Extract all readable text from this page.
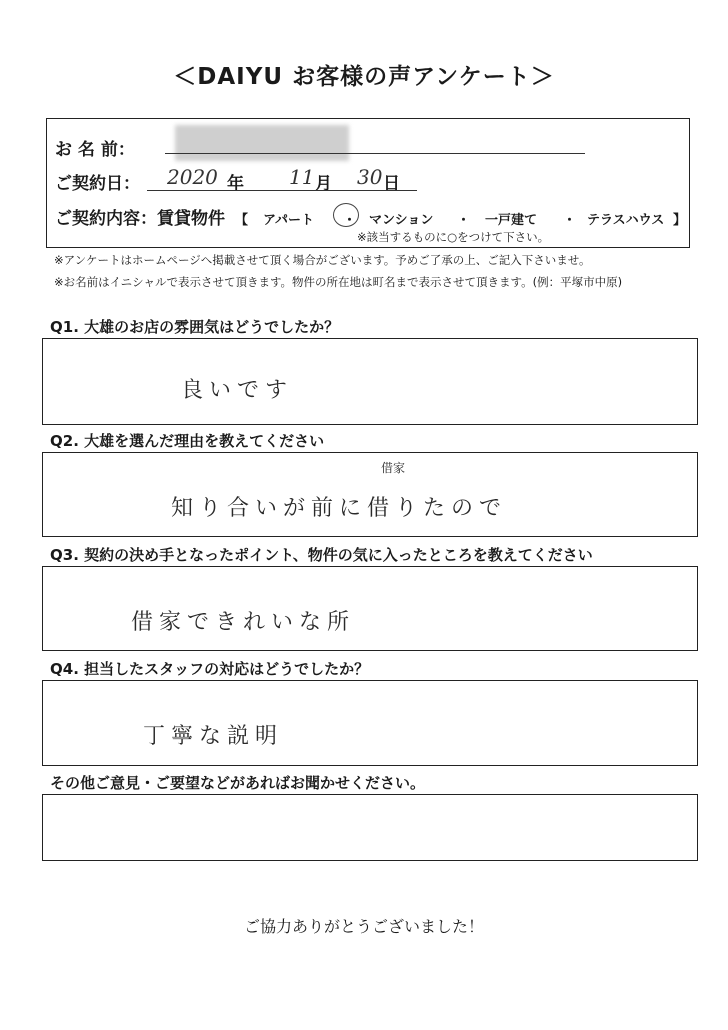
＜DAIYU お客様の声アンケート＞
お 名 前：
ご契約日： 2020 年 11 月 30 日
ご契約内容：賃貸物件 【 アパート ・ マンション ・ 一戸建て ・ テラスハウス 】
※該当するものに○をつけて下さい。
※アンケートはホームページへ掲載させて頂く場合がございます。予めご了承の上、ご記入下さいませ。
※お名前はイニシャルで表示させて頂きます。物件の所在地は町名まで表示させて頂きます。(例：平塚市中原)
Q1. 大雄のお店の雰囲気はどうでしたか？
良いです
Q2. 大雄を選んだ理由を教えてください
借家
知り合いが前に借りたので
Q3. 契約の決め手となったポイント、物件の気に入ったところを教えてください
借家できれいな所
Q4. 担当したスタッフの対応はどうでしたか？
丁寧な説明
その他ご意見・ご要望などがあればお聞かせください。
ご協力ありがとうございました！
